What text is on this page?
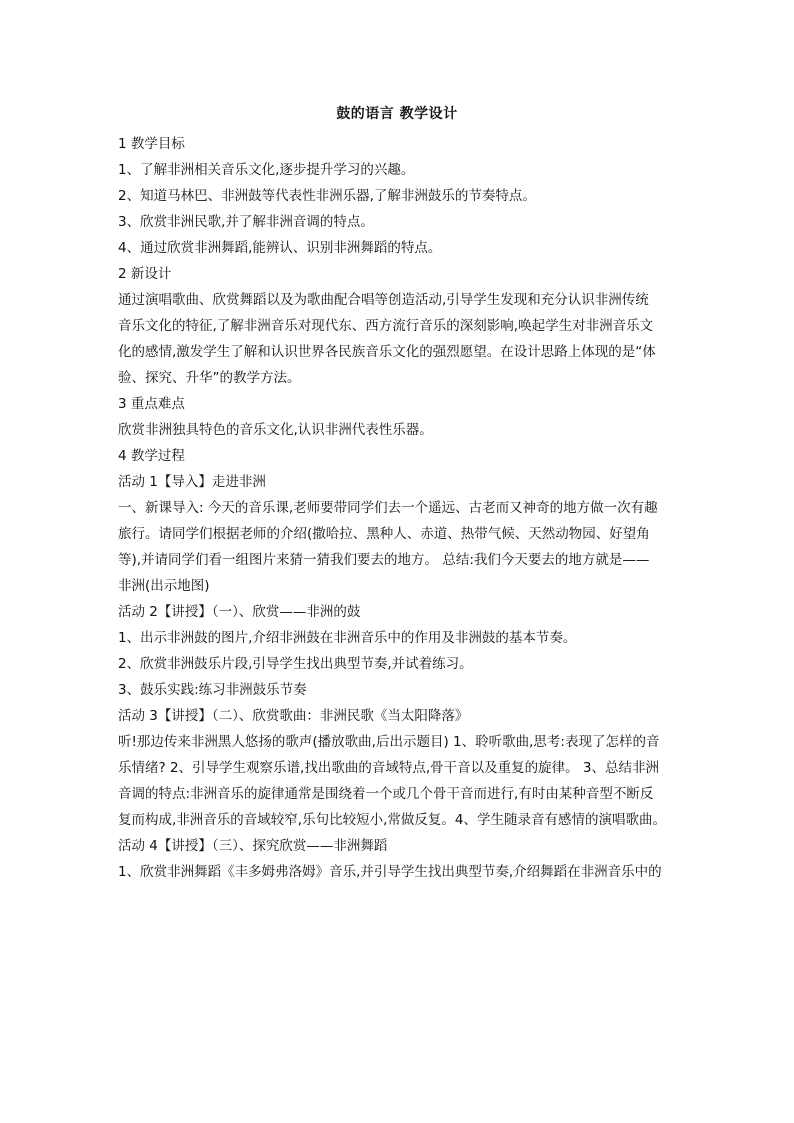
鼓的语言 教学设计

1 教学目标

1、了解非洲相关音乐文化,逐步提升学习的兴趣。

2、知道马林巴、非洲鼓等代表性非洲乐器,了解非洲鼓乐的节奏特点。

3、欣赏非洲民歌,并了解非洲音调的特点。

4、通过欣赏非洲舞蹈,能辨认、识别非洲舞蹈的特点。

2 新设计

通过演唱歌曲、欣赏舞蹈以及为歌曲配合唱等创造活动,引导学生发现和充分认识非洲传统
音乐文化的特征,了解非洲音乐对现代东、西方流行音乐的深刻影响,唤起学生对非洲音乐文
化的感情,激发学生了解和认识世界各民族音乐文化的强烈愿望。在设计思路上体现的是“体
验、探究、升华”的教学方法。

3 重点难点

欣赏非洲独具特色的音乐文化,认识非洲代表性乐器。

4 教学过程

活动 1【导入】走进非洲

一、新课导入: 今天的音乐课,老师要带同学们去一个遥远、古老而又神奇的地方做一次有趣
旅行。请同学们根据老师的介绍(撒哈拉、黑种人、赤道、热带气候、天然动物园、好望角
等),并请同学们看一组图片来猜一猜我们要去的地方。 总结:我们今天要去的地方就是——
非洲(出示地图)

活动 2【讲授】（一）、欣赏——非洲的鼓

1、出示非洲鼓的图片,介绍非洲鼓在非洲音乐中的作用及非洲鼓的基本节奏。

2、欣赏非洲鼓乐片段,引导学生找出典型节奏,并试着练习。

3、鼓乐实践:练习非洲鼓乐节奏

活动 3【讲授】（二）、欣赏歌曲：非洲民歌《当太阳降落》

听!那边传来非洲黑人悠扬的歌声(播放歌曲,后出示题目) 1、聆听歌曲,思考:表现了怎样的音
乐情绪? 2、引导学生观察乐谱,找出歌曲的音域特点,骨干音以及重复的旋律。 3、总结非洲
音调的特点:非洲音乐的旋律通常是围绕着一个或几个骨干音而进行,有时由某种音型不断反
复而构成,非洲音乐的音域较窄,乐句比较短小,常做反复。4、学生随录音有感情的演唱歌曲。

活动 4【讲授】（三）、探究欣赏——非洲舞蹈

1、欣赏非洲舞蹈《丰多姆弗洛姆》音乐,并引导学生找出典型节奏,介绍舞蹈在非洲音乐中的
